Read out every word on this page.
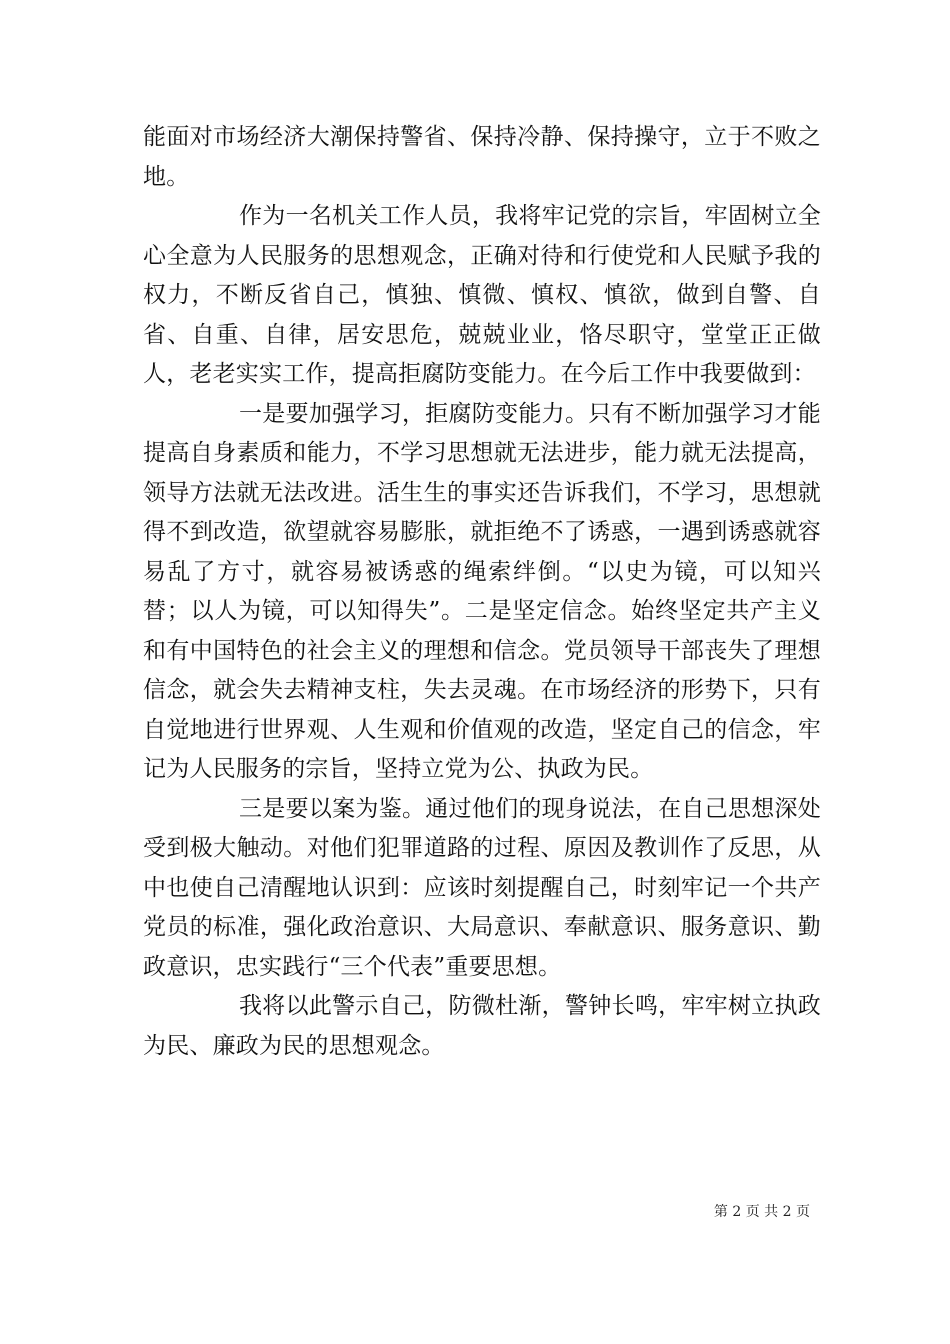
能面对市场经济大潮保持警省、保持冷静、保持操守，立于不败之地。

作为一名机关工作人员，我将牢记党的宗旨，牢固树立全心全意为人民服务的思想观念，正确对待和行使党和人民赋予我的权力，不断反省自己，慎独、慎微、慎权、慎欲，做到自警、自省、自重、自律，居安思危，兢兢业业，恪尽职守，堂堂正正做人，老老实实工作，提高拒腐防变能力。在今后工作中我要做到：

一是要加强学习，拒腐防变能力。只有不断加强学习才能提高自身素质和能力，不学习思想就无法进步，能力就无法提高，领导方法就无法改进。活生生的事实还告诉我们，不学习，思想就得不到改造，欲望就容易膨胀，就拒绝不了诱惑，一遇到诱惑就容易乱了方寸，就容易被诱惑的绳索绊倒。“以史为镜，可以知兴替；以人为镜，可以知得失”。二是坚定信念。始终坚定共产主义和有中国特色的社会主义的理想和信念。党员领导干部丧失了理想信念，就会失去精神支柱，失去灵魂。在市场经济的形势下，只有自觉地进行世界观、人生观和价值观的改造，坚定自己的信念，牢记为人民服务的宗旨，坚持立党为公、执政为民。

三是要以案为鉴。通过他们的现身说法，在自己思想深处受到极大触动。对他们犯罪道路的过程、原因及教训作了反思，从中也使自己清醒地认识到：应该时刻提醒自己，时刻牢记一个共产党员的标准，强化政治意识、大局意识、奉献意识、服务意识、勤政意识，忠实践行“三个代表”重要思想。

我将以此警示自己，防微杜渐，警钟长鸣，牢牢树立执政为民、廉政为民的思想观念。

第 2 页 共 2 页
